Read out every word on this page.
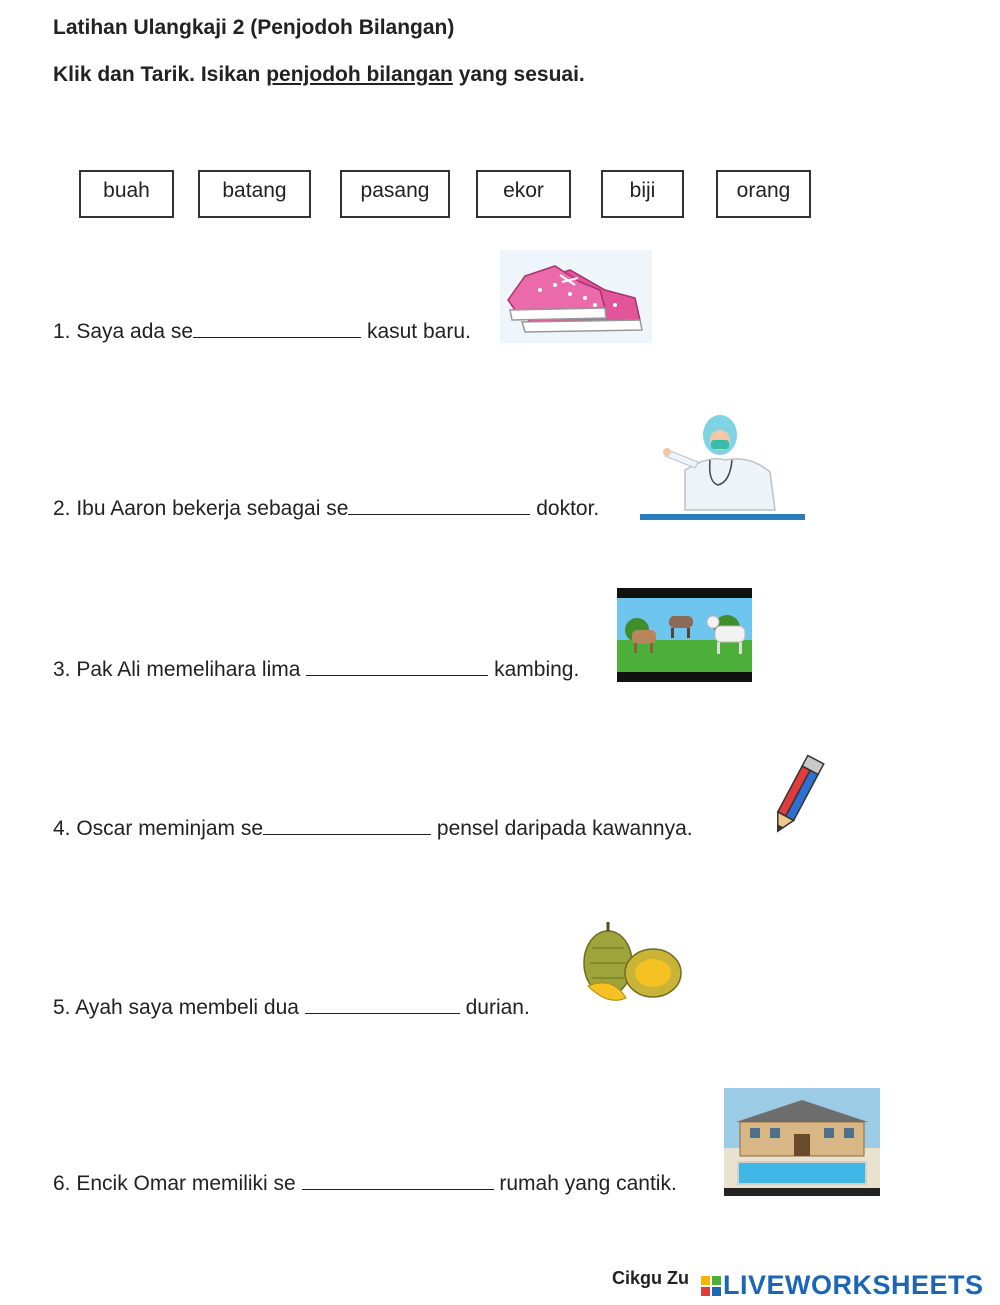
Latihan Ulangkaji 2 (Penjodoh Bilangan)
Klik dan Tarik. Isikan penjodoh bilangan yang sesuai.
buah	batang	pasang	ekor	biji	orang
1. Saya ada se	kasut baru.
2. Ibu Aaron bekerja sebagai se	doktor.
3. Pak Ali memelihara lima	kambing.
4. Oscar meminjam se	pensel daripada kawannya.
5. Ayah saya membeli dua	durian.
6. Encik Omar memiliki se	rumah yang cantik.
Cikgu Zu	LIVEWORKSHEETS
